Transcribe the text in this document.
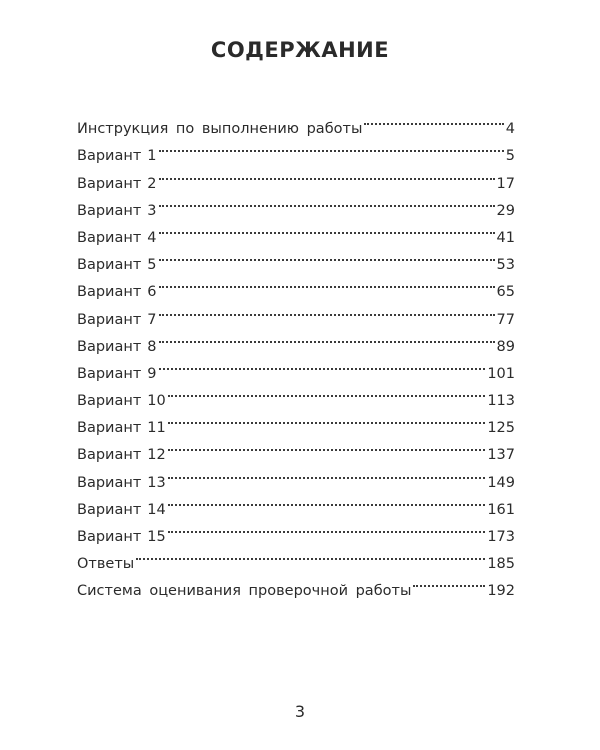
СОДЕРЖАНИЕ
Инструкция по выполнению работы	4
Вариант 1	5
Вариант 2	17
Вариант 3	29
Вариант 4	41
Вариант 5	53
Вариант 6	65
Вариант 7	77
Вариант 8	89
Вариант 9	101
Вариант 10	113
Вариант 11	125
Вариант 12	137
Вариант 13	149
Вариант 14	161
Вариант 15	173
Ответы	185
Система оценивания проверочной работы	192
3
